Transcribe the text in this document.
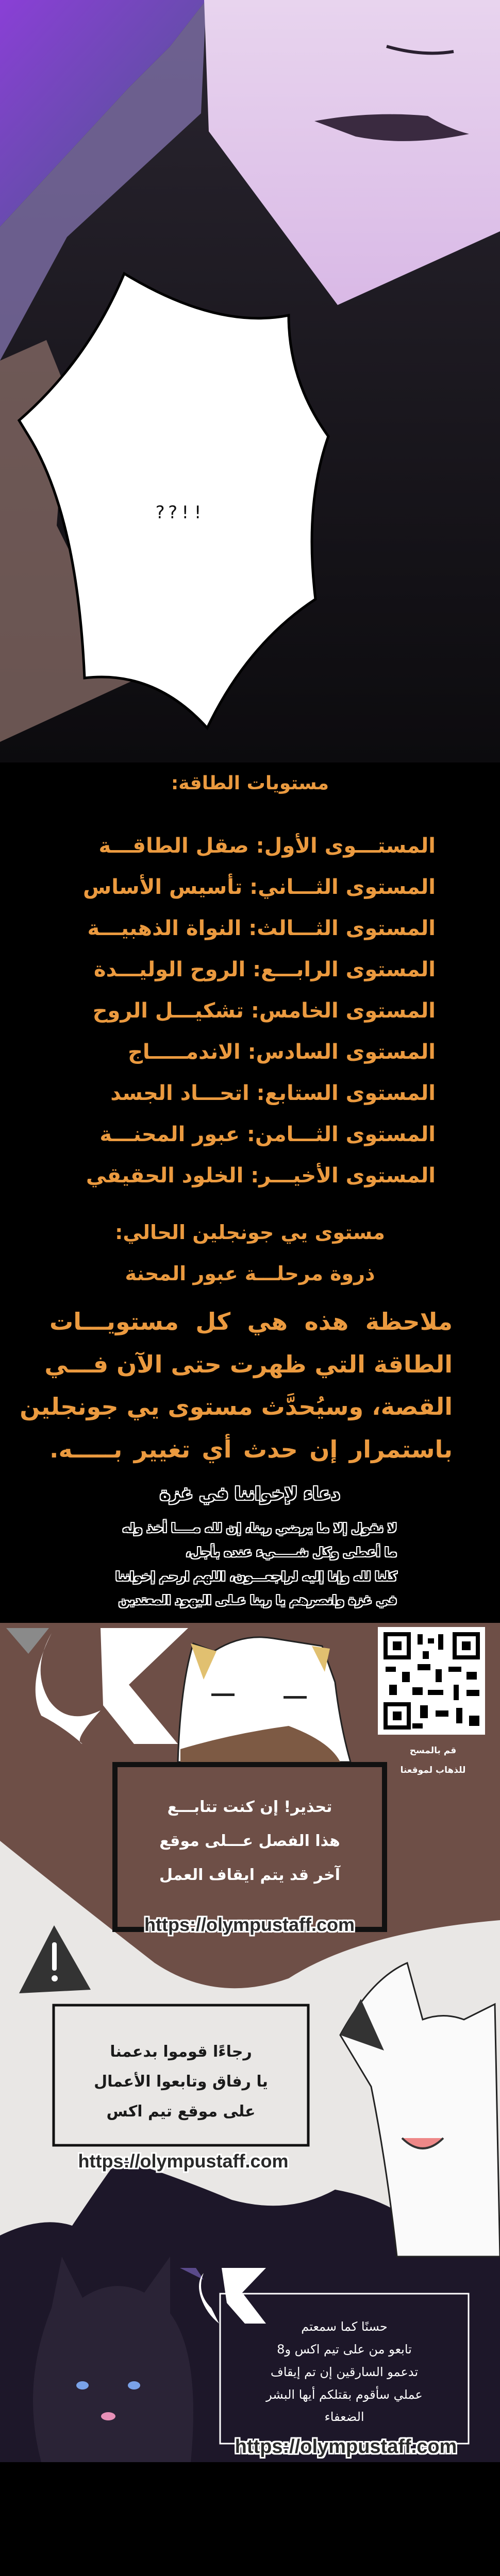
??!!
مستويات الطاقة:
المستـــوى الأول: صقل الطاقـــة
المستوى الثـــاني: تأسيس الأساس
المستوى الثـــالث: النواة الذهبيـــة
المستوى الرابـــع: الروح الوليـــدة
المستوى الخامس: تشكيـــل الروح
المستوى السادس: الاندمـــــاج
المستوى الستابع: اتحـــاد الجسد
المستوى الثـــامن: عبور المحنـــة
المستوى الأخيـــر: الخلود الحقيقي
مستوى يي جونجلين الحالي:
ذروة مرحلـــة عبور المحنة
ملاحظة هذه هي كل مستويـــات
الطاقة التي ظهرت حتى الآن فـــي
القصة، وسيُحدَّث مستوى يي جونجلين
باستمرار إن حدث أي تغيير بـــــه.
دعاء لإخواننا في غزة
لا نقول إلا ما يرضي ربنا، إن لله مــــا أخذ وله
ما أعطى وكل شـــــيء عنده بأجل،
كلنا لله وإنا إليه لراجعـــون، اللهم ارحم إخواننا
في غزة وانصرهم يا ربنا عـلى اليهود المعتدين
قم بالمسح
للذهاب لموقعنا
تحذير! إن كنت تتابـــع
هذا الفصل عـــلى موقع
آخر قد يتم ايقاف العمل
https://olympustaff.com
رجاءًا قوموا بدعمنا
يا رفاق وتابعوا الأعمال
على موقع تيم اكس
https://olympustaff.com
حسنًا كما سمعتم
تابعو من على تيم اكس و8
تدعمو السارقين إن تم إيقاف
عملي سأقوم بقتلكم أيها البشر
الضعفاء
https://olympustaff.com
